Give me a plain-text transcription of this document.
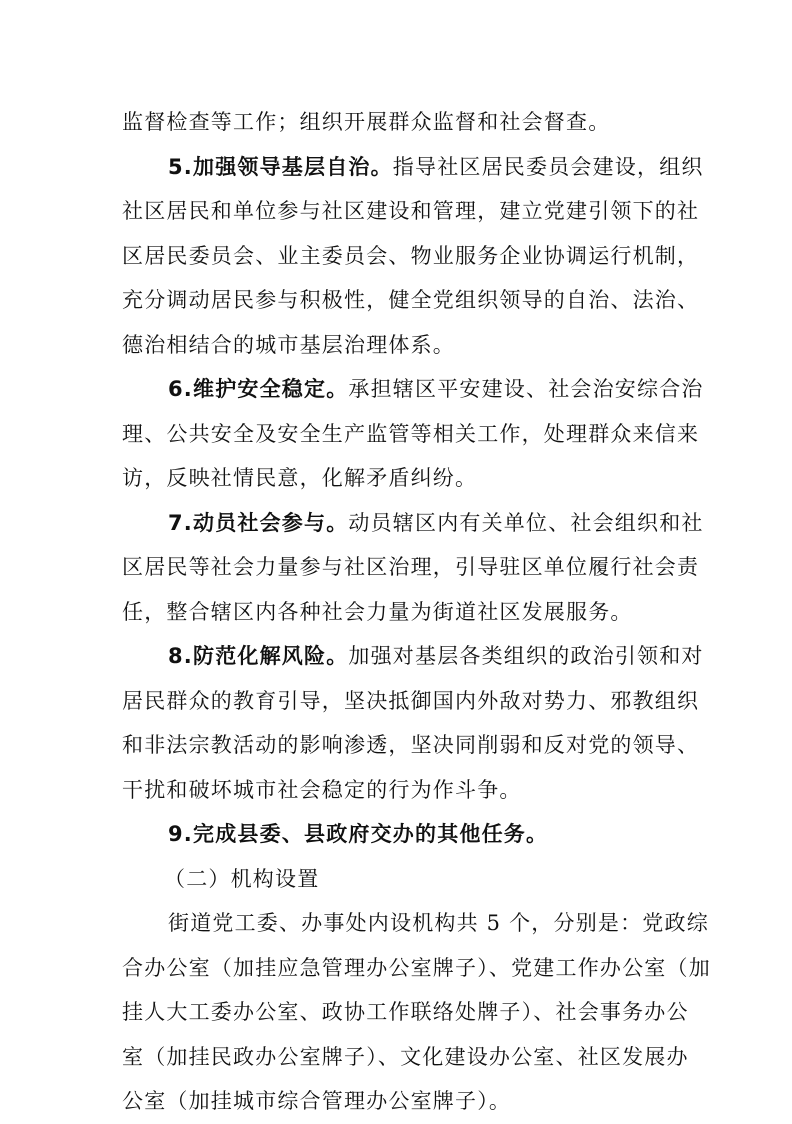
监督检查等工作；组织开展群众监督和社会督查。
5.加强领导基层自治。指导社区居民委员会建设，组织
社区居民和单位参与社区建设和管理，建立党建引领下的社
区居民委员会、业主委员会、物业服务企业协调运行机制，
充分调动居民参与积极性，健全党组织领导的自治、法治、
德治相结合的城市基层治理体系。
6.维护安全稳定。承担辖区平安建设、社会治安综合治
理、公共安全及安全生产监管等相关工作，处理群众来信来
访，反映社情民意，化解矛盾纠纷。
7.动员社会参与。动员辖区内有关单位、社会组织和社
区居民等社会力量参与社区治理，引导驻区单位履行社会责
任，整合辖区内各种社会力量为街道社区发展服务。
8.防范化解风险。加强对基层各类组织的政治引领和对
居民群众的教育引导，坚决抵御国内外敌对势力、邪教组织
和非法宗教活动的影响渗透，坚决同削弱和反对党的领导、
干扰和破坏城市社会稳定的行为作斗争。
9.完成县委、县政府交办的其他任务。
（二）机构设置
街道党工委、办事处内设机构共 5 个，分别是：党政综
合办公室（加挂应急管理办公室牌子）、党建工作办公室（加
挂人大工委办公室、政协工作联络处牌子）、社会事务办公
室（加挂民政办公室牌子）、文化建设办公室、社区发展办
公室（加挂城市综合管理办公室牌子）。
